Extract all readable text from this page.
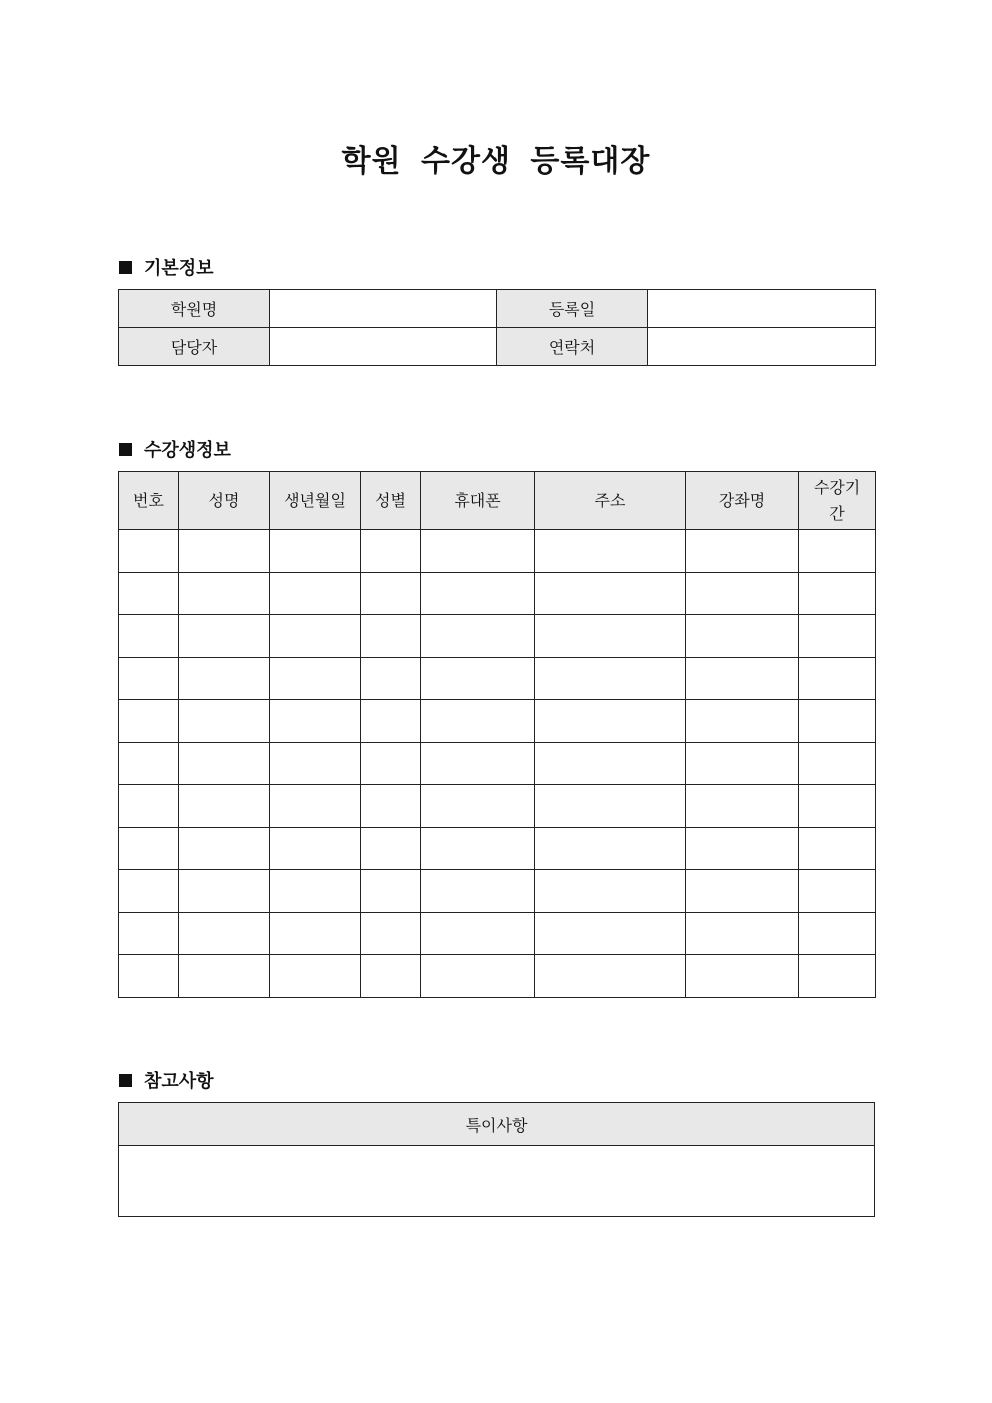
학원 수강생 등록대장
기본정보
학원명		등록일	
담당자		연락처	
수강생정보
번호	성명	생년월일	성별	휴대폰	주소	강좌명	수강기간

참고사항
특이사항
